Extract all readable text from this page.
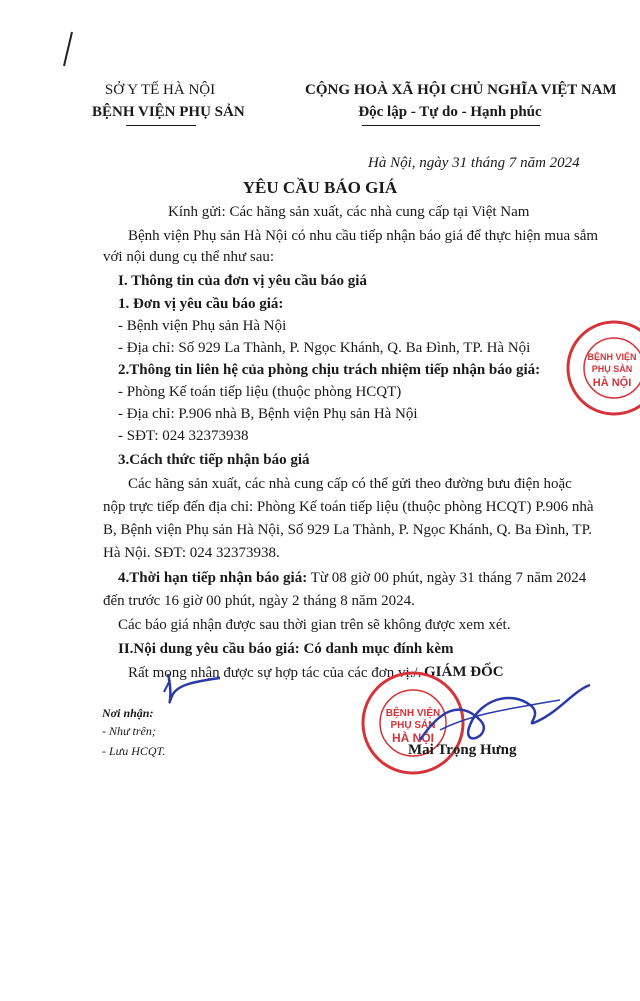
SỞ Y TẾ HÀ NỘI
BỆNH VIỆN PHỤ SẢN
CỘNG HOÀ XÃ HỘI CHỦ NGHĨA VIỆT NAM
Độc lập - Tự do - Hạnh phúc
Hà Nội, ngày 31 tháng 7 năm 2024
YÊU CẦU BÁO GIÁ
Kính gửi: Các hãng sản xuất, các nhà cung cấp tại Việt Nam
Bệnh viện Phụ sản Hà Nội có nhu cầu tiếp nhận báo giá để thực hiện mua sắm
với nội dung cụ thể như sau:
I. Thông tin của đơn vị yêu cầu báo giá
1. Đơn vị yêu cầu báo giá:
- Bệnh viện Phụ sản Hà Nội
- Địa chỉ: Số 929 La Thành, P. Ngọc Khánh, Q. Ba Đình, TP. Hà Nội
2.Thông tin liên hệ của phòng chịu trách nhiệm tiếp nhận báo giá:
- Phòng Kế toán tiếp liệu (thuộc phòng HCQT)
- Địa chỉ: P.906 nhà B, Bệnh viện Phụ sản Hà Nội
- SĐT: 024 32373938
3.Cách thức tiếp nhận báo giá
Các hãng sản xuất, các nhà cung cấp có thể gửi theo đường bưu điện hoặc
nộp trực tiếp đến địa chỉ: Phòng Kế toán tiếp liệu (thuộc phòng HCQT) P.906 nhà
B, Bệnh viện Phụ sản Hà Nội, Số 929 La Thành, P. Ngọc Khánh, Q. Ba Đình, TP.
Hà Nội. SĐT: 024 32373938.
4.Thời hạn tiếp nhận báo giá: Từ 08 giờ 00 phút, ngày 31 tháng 7 năm 2024
đến trước 16 giờ 00 phút, ngày 2 tháng 8 năm 2024.
Các báo giá nhận được sau thời gian trên sẽ không được xem xét.
II.Nội dung yêu cầu báo giá: Có danh mục đính kèm
Rất mong nhận được sự hợp tác của các đơn vị./.
Nơi nhận:
- Như trên;
- Lưu HCQT.
GIÁM ĐỐC
BỆNH VIỆN
PHỤ SẢN
HÀ NỘI
Mai Trọng Hưng
BỆNH VIỆN
PHỤ SẢN
HÀ NỘI
